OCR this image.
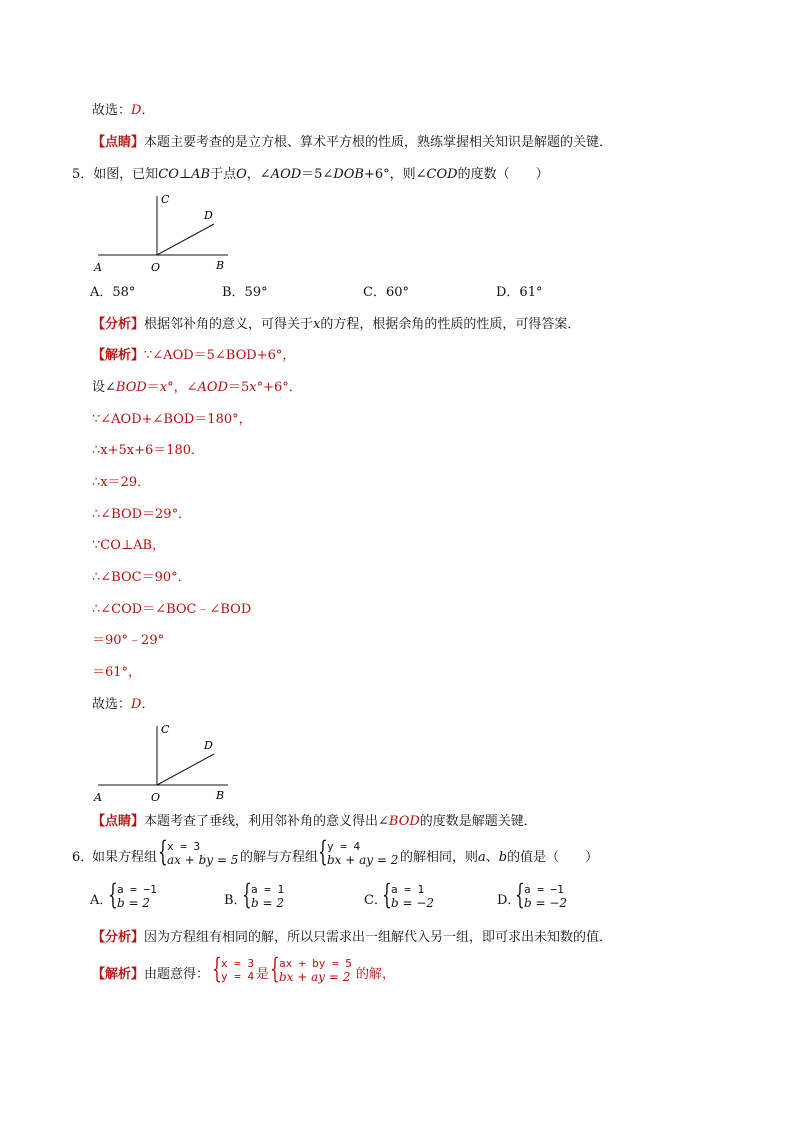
故选：D．
【点睛】本题主要考查的是立方根、算术平方根的性质，熟练掌握相关知识是解题的关键．
5．如图，已知CO⊥AB于点O，∠AOD＝5∠DOB+6°，则∠COD的度数（　　）
C
D
A	O	B
A．58°	B．59°	C．60°	D．61°
【分析】根据邻补角的意义，可得关于x的方程，根据余角的性质的性质，可得答案．
【解析】∵∠AOD＝5∠BOD+6°，
设∠BOD＝x°，∠AOD＝5x°+6°．
∵∠AOD+∠BOD＝180°，
∴x+5x+6＝180．
∴x＝29．
∴∠BOD＝29°．
∵CO⊥AB，
∴∠BOC＝90°．
∴∠COD＝∠BOC﹣∠BOD
＝90°﹣29°
＝61°，
故选：D．
C
D
A	O	B
【点睛】本题考查了垂线，利用邻补角的意义得出∠BOD的度数是解题关键．
6．
如果方程组 { x = 3
ax + by = 5 的解与方程组 { y = 4
bx + ay = 2 的解相同，则a、b的值是（　　）
A．
{ a = −1
b = 2	B．
{ a = 1
b = 2	C．
{ a = 1
b = −2	D．
{ a = −1
b = −2
【分析】因为方程组有相同的解，所以只需求出一组解代入另一组，即可求出未知数的值．
【解析】由题意得： { x = 3
y = 4 是 { ax + by = 5
bx + ay = 2 的解，
